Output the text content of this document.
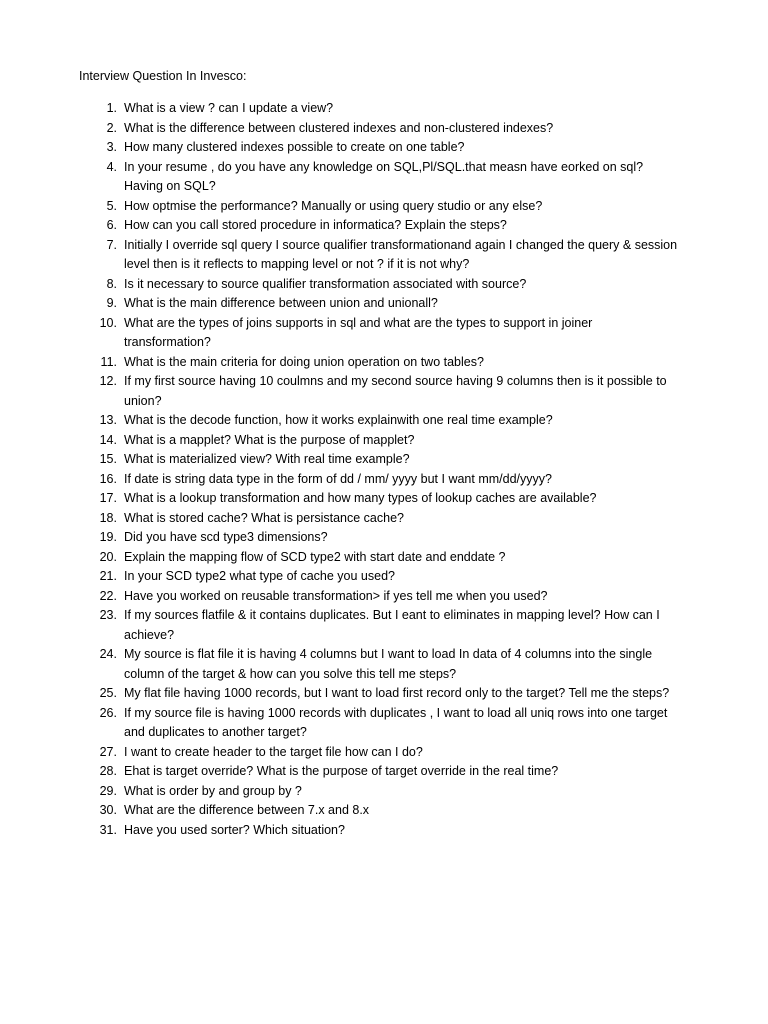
Interview Question In Invesco:
1. What is a view ? can I update a view?
2. What is the difference between clustered indexes and non-clustered indexes?
3. How many clustered indexes possible to create on one table?
4. In your resume , do you have any knowledge on SQL,Pl/SQL.that measn have eorked on sql? Having on SQL?
5. How optmise the performance? Manually or using query studio or any else?
6. How can you call stored procedure in informatica? Explain the steps?
7. Initially I override sql query I source qualifier transformationand again I changed the query & session level then is it reflects to mapping level or not ? if it is not why?
8. Is it necessary to source qualifier transformation associated with source?
9. What is the main difference between union and unionall?
10. What are the types of joins supports in sql and what are the types to support in joiner transformation?
11. What is the main criteria for doing union operation on two tables?
12. If my first source having 10 coulmns and my second source having 9 columns then is it possible to union?
13. What is the decode function, how it works explainwith one real time example?
14. What is a mapplet? What is the purpose of mapplet?
15. What is materialized view? With real time example?
16. If date is string data type in the form of dd / mm/ yyyy but I want mm/dd/yyyy?
17. What is a lookup transformation and how many types of lookup caches are available?
18. What is stored cache? What is persistance cache?
19. Did you have scd type3 dimensions?
20. Explain the mapping flow of SCD type2 with start date and enddate ?
21. In your SCD type2 what type of cache you used?
22. Have you worked on reusable transformation> if yes tell me when you used?
23. If my sources flatfile & it contains duplicates. But I eant to eliminates in mapping level? How can I achieve?
24. My source is flat file it is having 4 columns but I want to load In data of 4 columns into the single column of the target & how can you solve this tell me steps?
25. My flat file having 1000 records, but I want to load first record only to the target? Tell me the steps?
26. If my source file is having 1000 records with duplicates , I want to load all uniq rows into one target and duplicates to another target?
27. I want to create header to the target file how can I do?
28. Ehat is target override? What is the purpose of target override in the real time?
29. What is order by and group by ?
30. What are the difference between 7.x and 8.x
31. Have you used sorter? Which situation?
